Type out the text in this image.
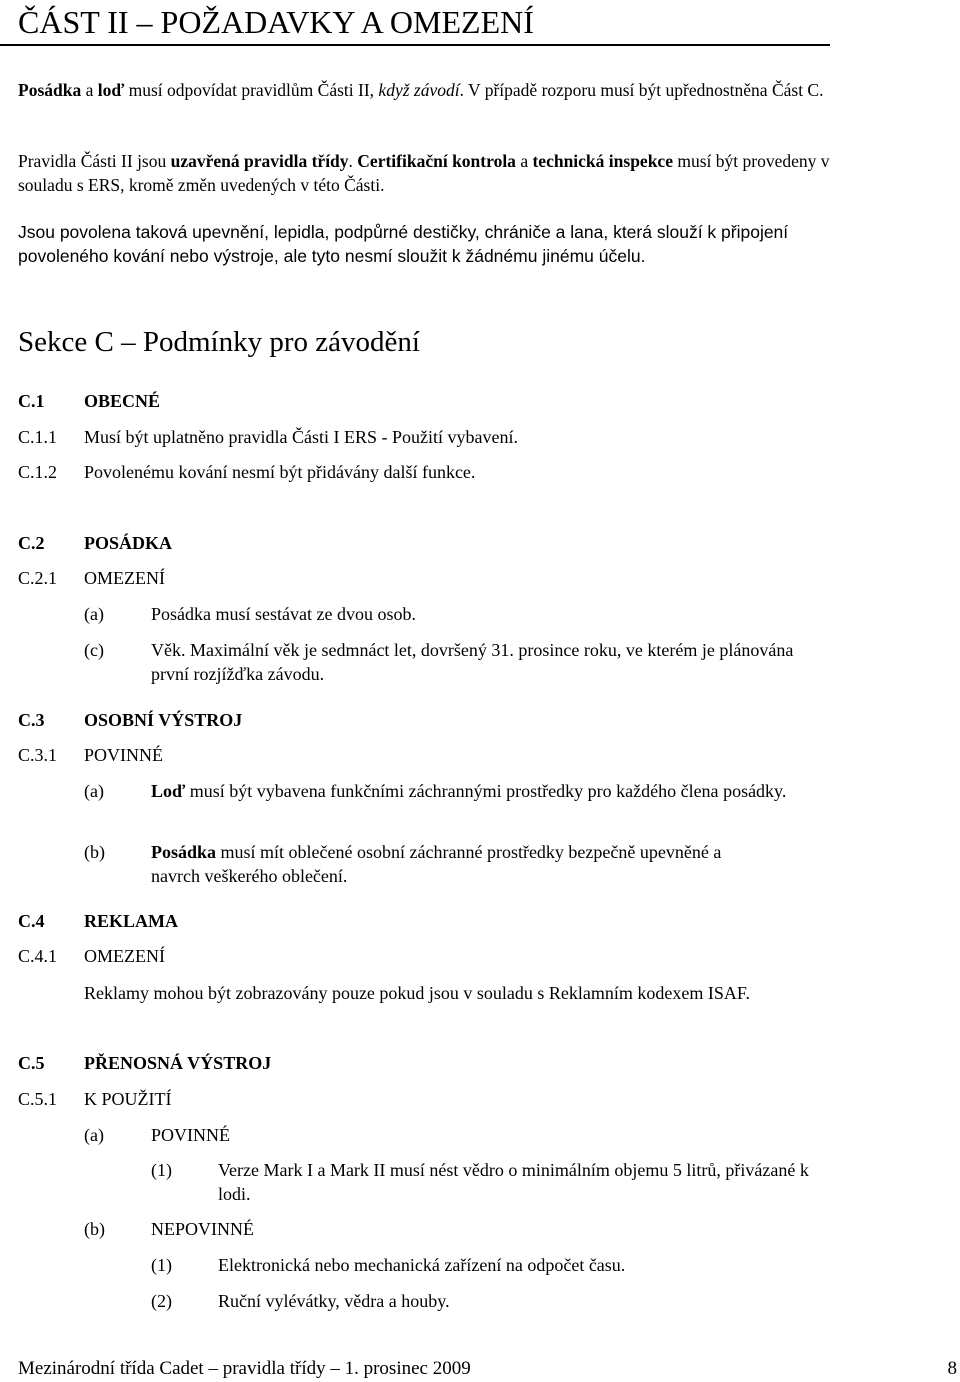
ČÁST II – POŽADAVKY A OMEZENÍ
Posádka a loď musí odpovídat pravidlům Části II, když závodí. V případě rozporu musí být upřednostněna Část C.
Pravidla Části II jsou uzavřená pravidla třídy. Certifikační kontrola a technická inspekce musí být provedeny v souladu s ERS, kromě změn uvedených v této Části.
Jsou povolena taková upevnění, lepidla, podpůrné destičky, chrániče a lana, která slouží k připojení povoleného kování nebo výstroje, ale tyto nesmí sloužit k žádnému jinému účelu.
Sekce C – Podmínky pro závodění
C.1 OBECNÉ
C.1.1 Musí být uplatněno pravidla Části I ERS - Použití vybavení.
C.1.2 Povolenému kování nesmí být přidávány další funkce.
C.2 POSÁDKA
C.2.1 OMEZENÍ
(a)	Posádka musí sestávat ze dvou osob.
(c)	Věk. Maximální věk je sedmnáct let, dovršený 31. prosince roku, ve kterém je plánována první rozjížďka závodu.
C.3 OSOBNÍ VÝSTROJ
C.3.1 POVINNÉ
(a)	Loď musí být vybavena funkčními záchrannými prostředky pro každého člena posádky.
(b)	Posádka musí mít oblečené osobní záchranné prostředky bezpečně upevněné a navrch veškerého oblečení.
C.4 REKLAMA
C.4.1 OMEZENÍ
Reklamy mohou být zobrazovány pouze pokud jsou v souladu s Reklamním kodexem ISAF.
C.5 PŘENOSNÁ VÝSTROJ
C.5.1 K POUŽITÍ
(a)	POVINNÉ
(1)	Verze Mark I a Mark II musí nést vědro o minimálním objemu 5 litrů, přivázané k lodi.
(b)	NEPOVINNÉ
(1)	Elektronická nebo mechanická zařízení na odpočet času.
(2)	Ruční vylévátky, vědra a houby.
Mezinárodní třída Cadet – pravidla třídy – 1. prosinec 2009	8
